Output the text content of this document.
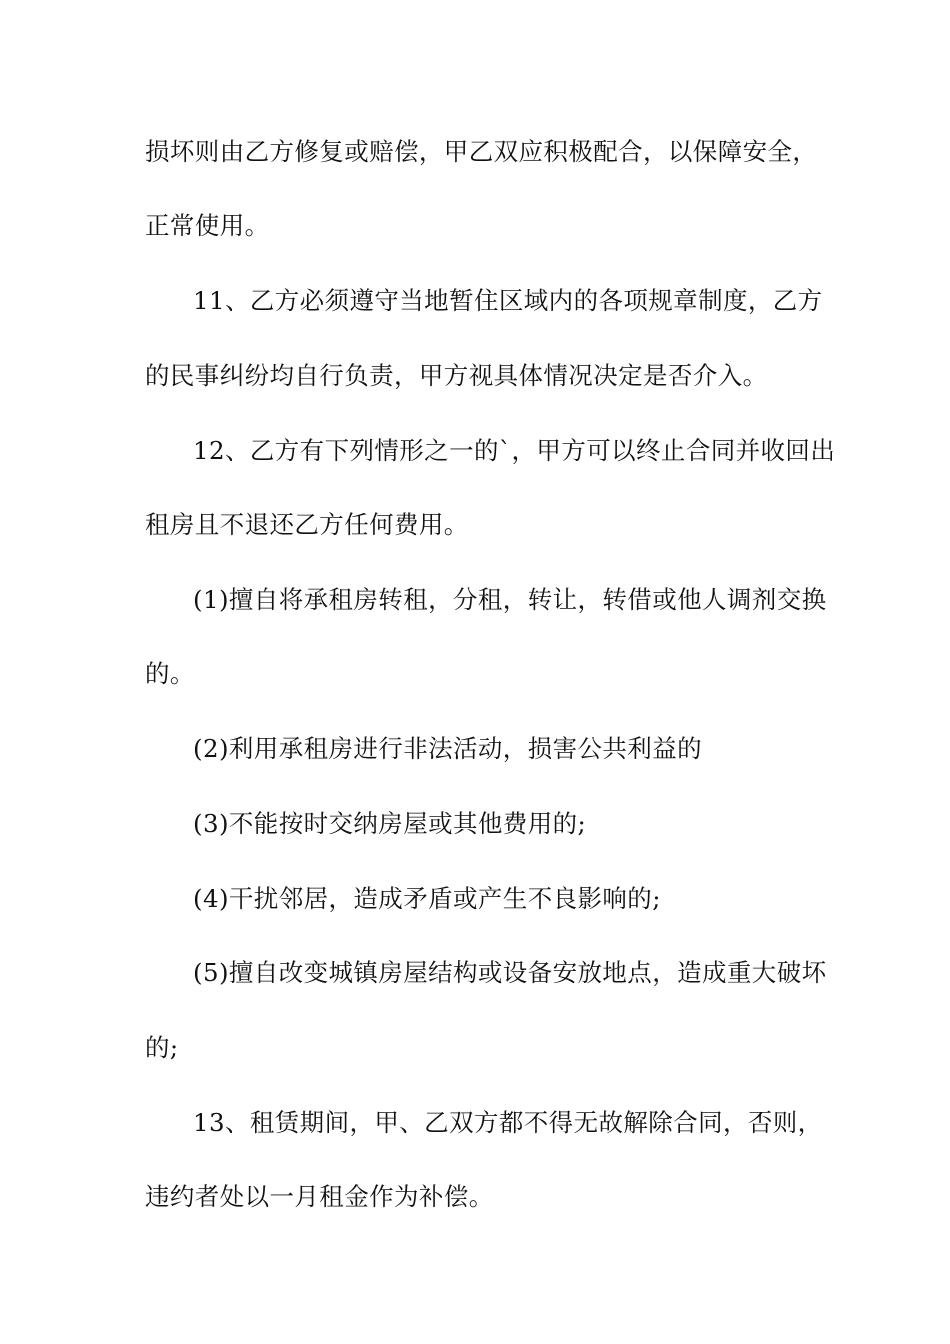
损坏则由乙方修复或赔偿，甲乙双应积极配合，以保障安全，
正常使用。
11、乙方必须遵守当地暂住区域内的各项规章制度，乙方
的民事纠纷均自行负责，甲方视具体情况决定是否介入。
12、乙方有下列情形之一的`，甲方可以终止合同并收回出
租房且不退还乙方任何费用。
(1)擅自将承租房转租，分租，转让，转借或他人调剂交换
的。
(2)利用承租房进行非法活动，损害公共利益的
(3)不能按时交纳房屋或其他费用的;
(4)干扰邻居，造成矛盾或产生不良影响的;
(5)擅自改变城镇房屋结构或设备安放地点，造成重大破坏
的;
13、租赁期间，甲、乙双方都不得无故解除合同，否则，
违约者处以一月租金作为补偿。
